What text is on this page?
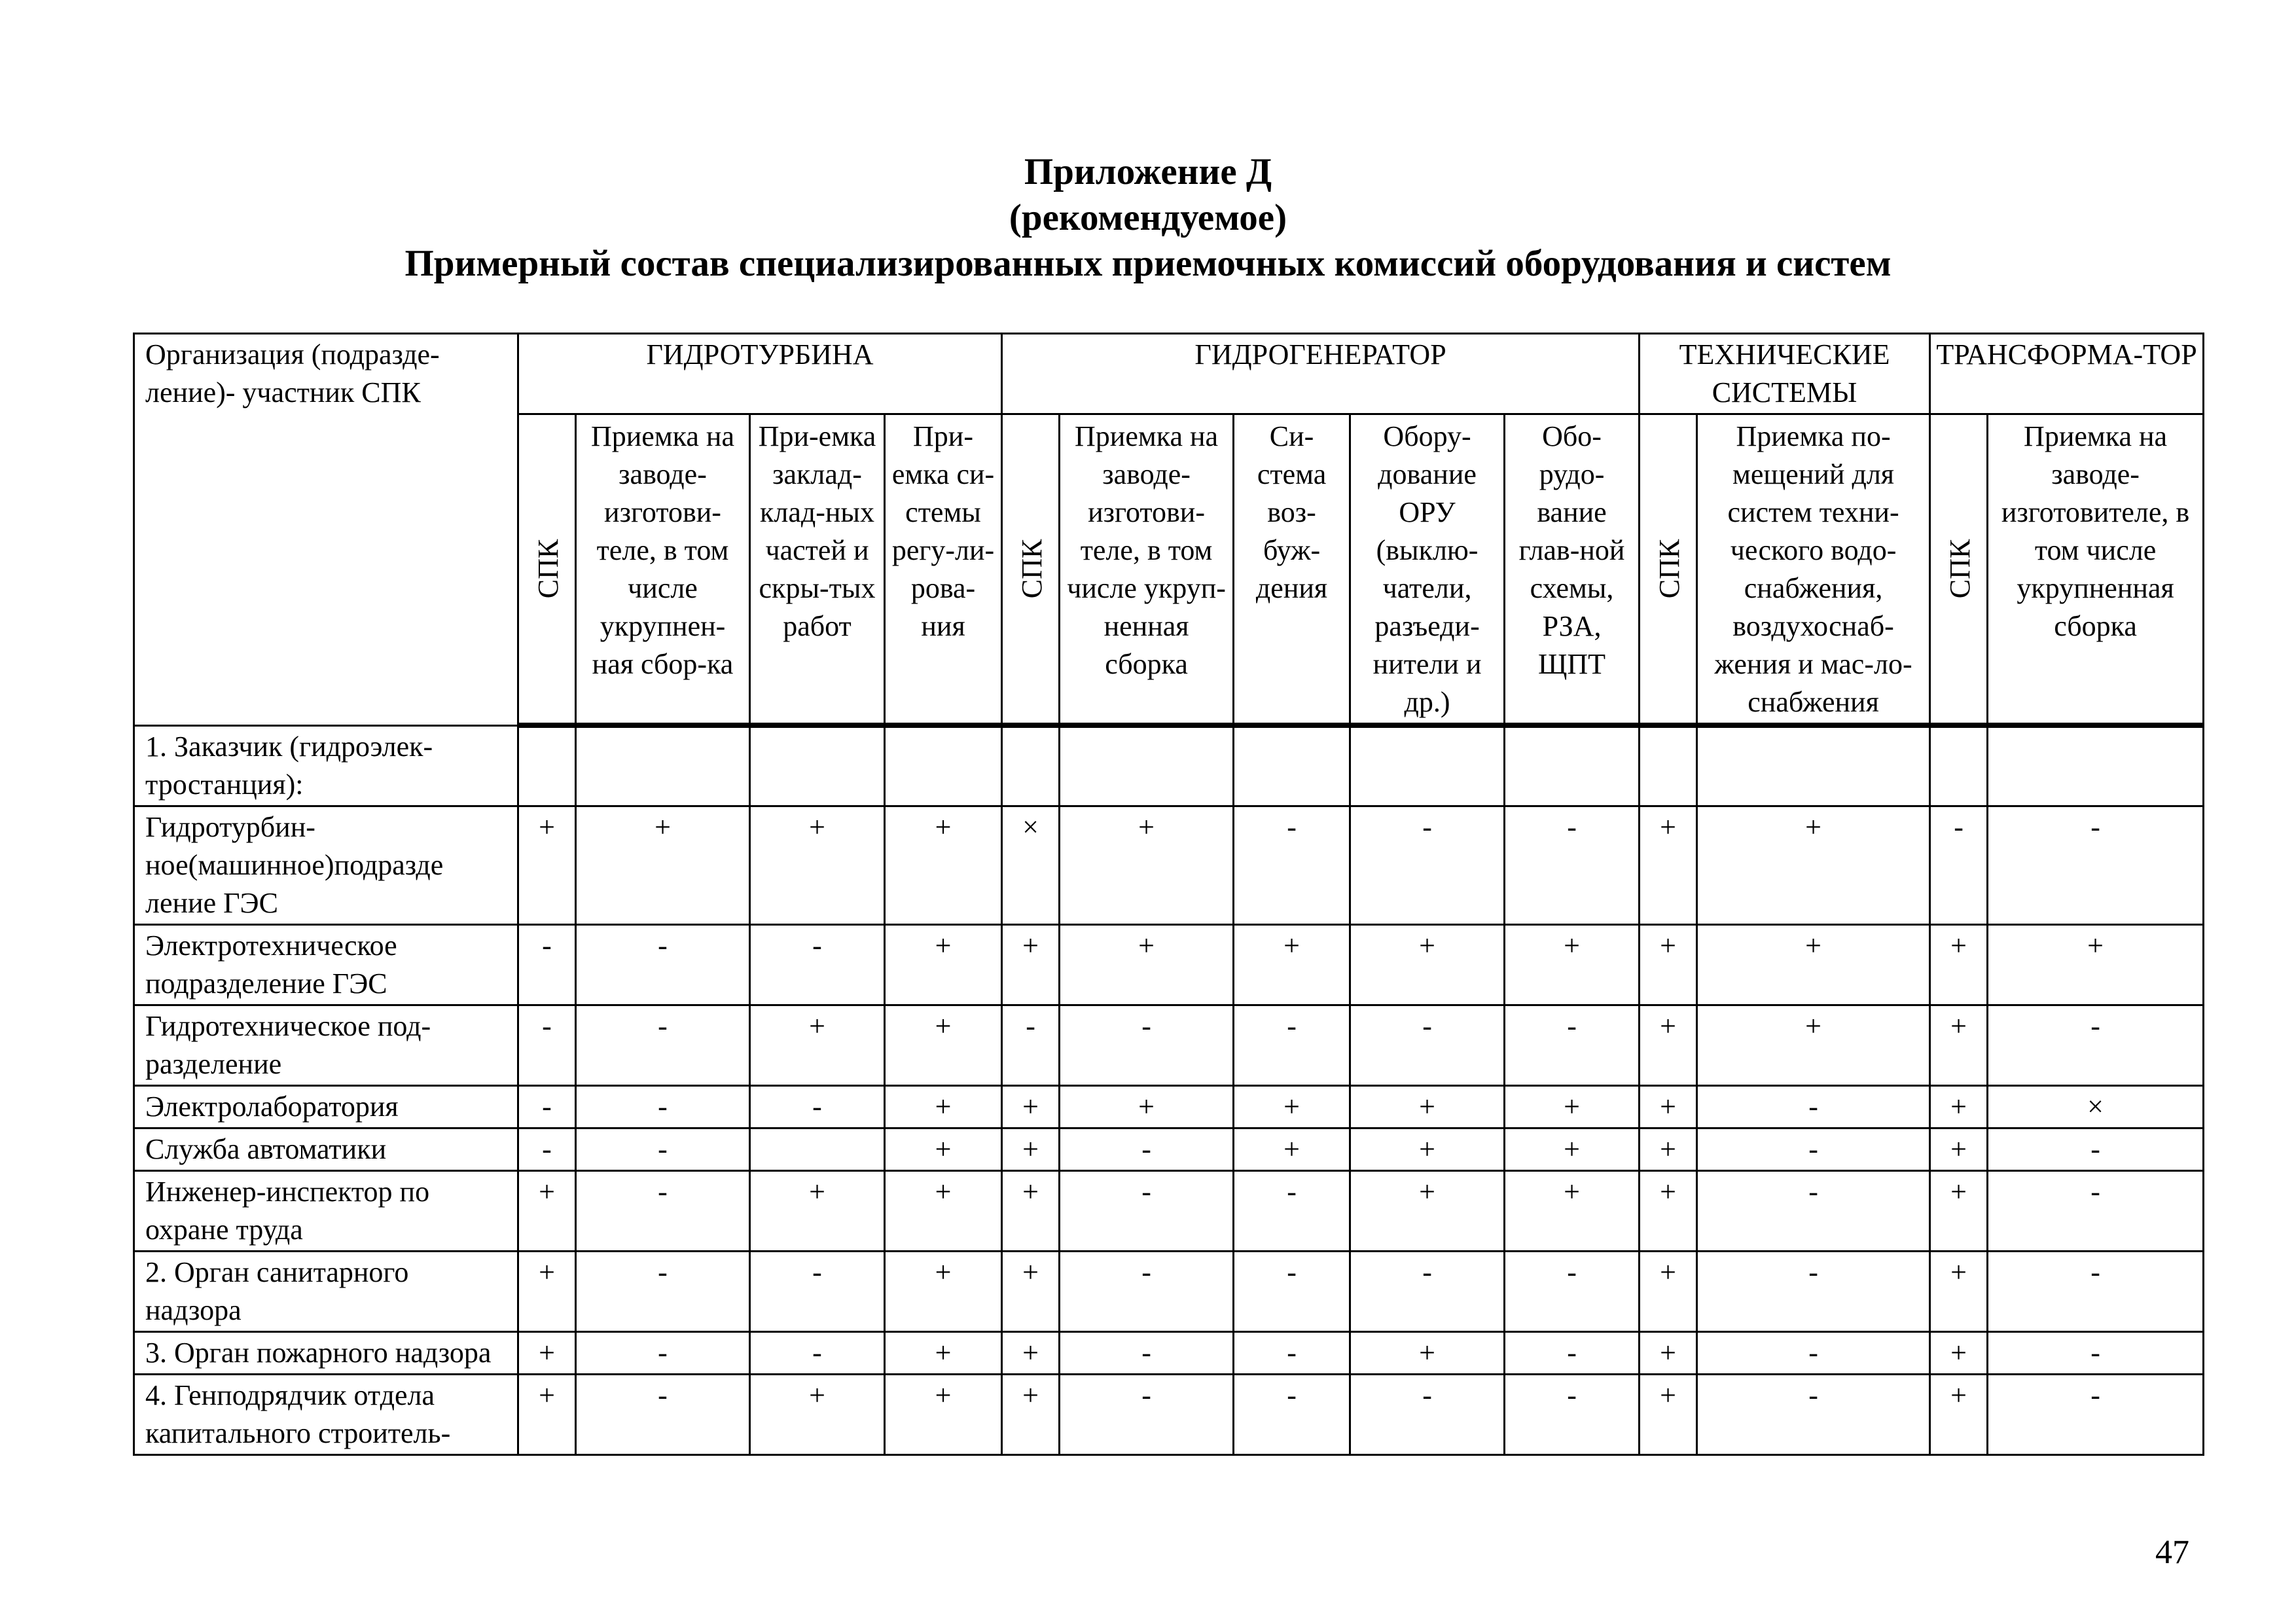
Приложение Д
(рекомендуемое)
Примерный состав специализированных приемочных комиссий оборудования и систем
Организация (подразде-ление)- участник СПК	ГИДРОТУРБИНА				ГИДРОГЕНЕРАТОР					ТЕХНИЧЕСКИЕ СИСТЕМЫ		ТРАНСФОРМА-ТОР	
	СПК	Приемка на заводе-изготови-теле, в том числе укрупнен-ная сбор-ка	При-емка заклад-клад-ных частей и скры-тых работ	При-емка си-стемы регу-ли-рова-ния	СПК	Приемка на заводе-изготови-теле, в том числе укруп-ненная сборка	Си-стема воз-буж-дения	Обору-дование ОРУ (выклю-чатели, разъеди-нители и др.)	Обо-рудо-вание глав-ной схемы, РЗА, ЩПТ	СПК	Приемка по-мещений для систем техни-ческого водо-снабжения, воздухоснаб-жения и мас-ло-снабжения	СПК	Приемка на заводе-изготовителе, в том числе укрупненная сборка
1. Заказчик (гидроэлек-тростанция):													
Гидротурбин-ное(машинное)подразде ление ГЭС	+	+	+	+	×	+	-	-	-	+	+	-	-
Электротехническое подразделение ГЭС	-	-	-	+	+	+	+	+	+	+	+	+	+
Гидротехническое под-разделение	-	-	+	+	-	-	-	-	-	+	+	+	-
Электролаборатория	-	-	-	+	+	+	+	+	+	+	-	+	×
Служба автоматики	-	-		+	+	-	+	+	+	+	-	+	-
Инженер-инспектор по охране труда	+	-	+	+	+	-	-	+	+	+	-	+	-
2. Орган санитарного надзора	+	-	-	+	+	-	-	-	-	+	-	+	-
3. Орган пожарного надзора	+	-	-	+	+	-	-	+	-	+	-	+	-
4. Генподрядчик отдела капитального строитель-	+	-	+	+	+	-	-	-	-	+	-	+	-
47
